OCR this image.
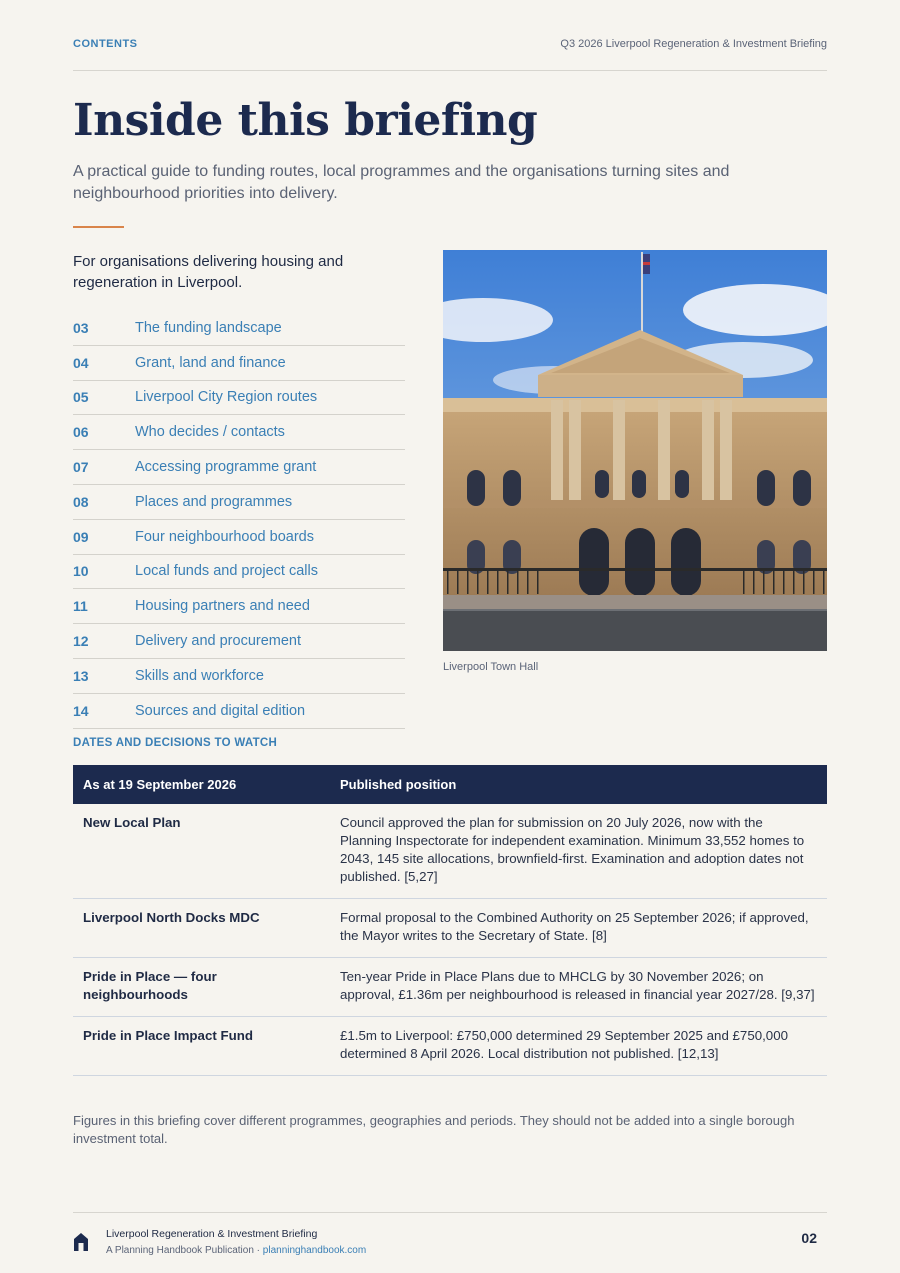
CONTENTS	Q3 2026 Liverpool Regeneration & Investment Briefing
Inside this briefing

A practical guide to funding routes, local programmes and the organisations turning sites and neighbourhood priorities into delivery.

For organisations delivering housing and regeneration in Liverpool.

03	The funding landscape
04	Grant, land and finance
05	Liverpool City Region routes
06	Who decides / contacts
07	Accessing programme grant
08	Places and programmes
09	Four neighbourhood boards
10	Local funds and project calls
11	Housing partners and need
12	Delivery and procurement
13	Skills and workforce
14	Sources and digital edition
Liverpool Town Hall
DATES AND DECISIONS TO WATCH
As at 19 September 2026	Published position
New Local Plan	Council approved the plan for submission on 20 July 2026, now with the Planning Inspectorate for independent examination. Minimum 33,552 homes to 2043, 145 site allocations, brownfield-first. Examination and adoption dates not published. [5,27]
Liverpool North Docks MDC	Formal proposal to the Combined Authority on 25 September 2026; if approved, the Mayor writes to the Secretary of State. [8]
Pride in Place — four neighbourhoods	Ten-year Pride in Place Plans due to MHCLG by 30 November 2026; on approval, £1.36m per neighbourhood is released in financial year 2027/28. [9,37]
Pride in Place Impact Fund	£1.5m to Liverpool: £750,000 determined 29 September 2025 and £750,000 determined 8 April 2026. Local distribution not published. [12,13]

Figures in this briefing cover different programmes, geographies and periods. They should not be added into a single borough investment total.

Liverpool Regeneration & Investment Briefing
A Planning Handbook Publication · planninghandbook.com
02
